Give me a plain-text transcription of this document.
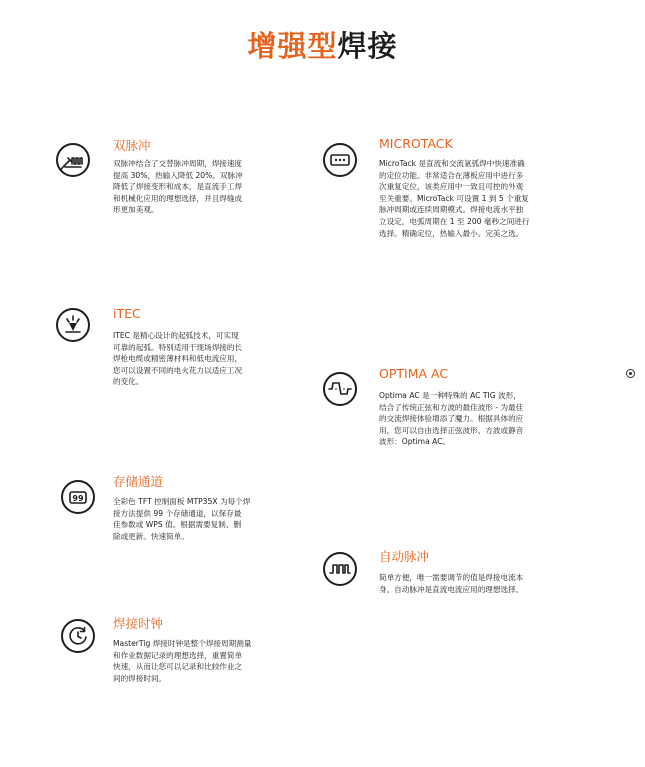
增强型焊接
双脉冲
双脉冲结合了交替脉冲周期，焊接速度
提高 30%，热输入降低 20%。双脉冲
降低了焊接变形和成本，是直流手工焊
和机械化应用的理想选择，并且焊缝成
形更加美观。
MICROTACK
MicroTack 是直流和交流氩弧焊中快速准确
的定位功能。非常适合在薄板应用中进行多
次重复定位，该类应用中一致且可控的外观
至关重要。MicroTack 可设置 1 到 5 个重复
脉冲周期或连续周期模式。焊接电流水平独
立设定，电弧周期在 1 至 200 毫秒之间进行
选择。精确定位，热输入最小。完美之选。
iTEC
ITEC 是精心设计的起弧技术，可实现
可靠的起弧。特别适用于现场焊接的长
焊枪电缆或精密薄材料和低电流应用，
您可以设置不同的电火花力以适应工况
的变化。
OPTIMA AC
Optima AC 是一种特殊的 AC TIG 波形，
结合了传统正弦和方波的最佳波形 - 为最佳
的交流焊接体验增添了魔力。根据具体的应
用，您可以自由选择正弦波形、方波或静音
波形：Optima AC。
99
存储通道
全彩色 TFT 控制面板 MTP35X 为每个焊
接方法提供 99 个存储通道，以保存最
佳参数或 WPS 值。根据需要复制、删
除或更新。快速简单。
自动脉冲
简单方便，唯一需要调节的值是焊接电流本
身。自动脉冲是直流电流应用的理想选择。
焊接时钟
MasterTig 焊接时钟是整个焊接周期测量
和作业数据记录的理想选择，重置简单
快速，从而让您可以记录和比较作业之
间的焊接时间。
